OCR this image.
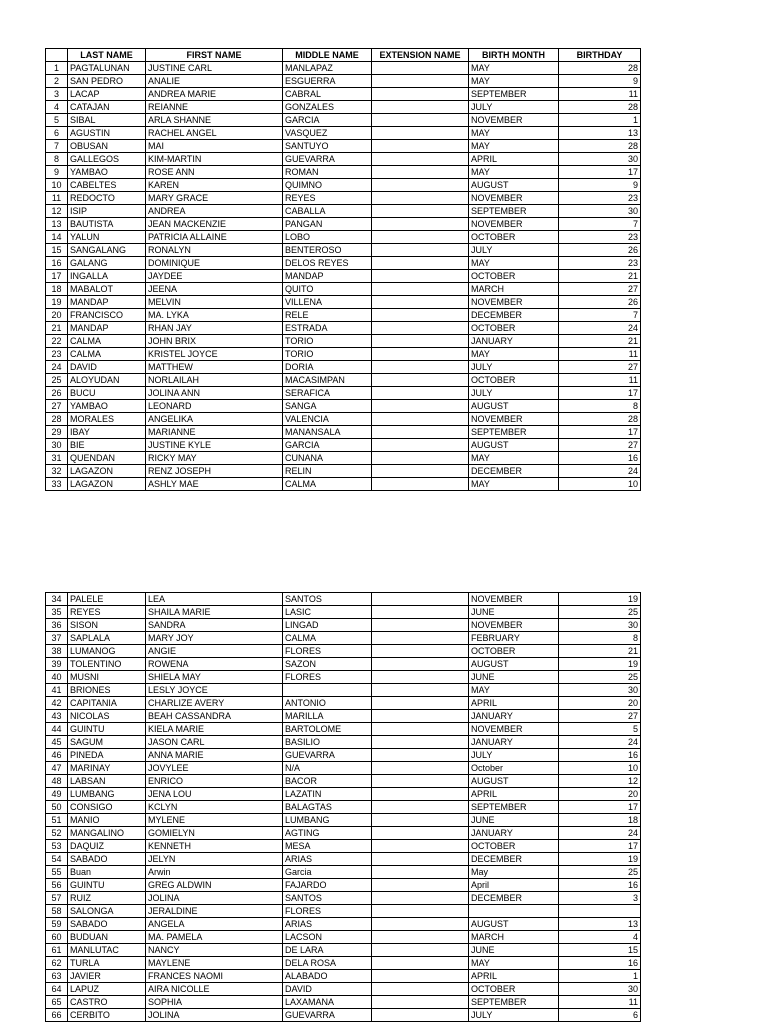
	LAST NAME	FIRST NAME	MIDDLE NAME	EXTENSION NAME	BIRTH MONTH	BIRTHDAY
1	PAGTALUNAN	JUSTINE CARL	MANLAPAZ		MAY	28
2	SAN PEDRO	ANALIE	ESGUERRA		MAY	9
3	LACAP	ANDREA MARIE	CABRAL		SEPTEMBER	11
4	CATAJAN	REIANNE	GONZALES		JULY	28
5	SIBAL	ARLA SHANNE	GARCIA		NOVEMBER	1
6	AGUSTIN	RACHEL ANGEL	VASQUEZ		MAY	13
7	OBUSAN	MAI	SANTUYO		MAY	28
8	GALLEGOS	KIM-MARTIN	GUEVARRA		APRIL	30
9	YAMBAO	ROSE ANN	ROMAN		MAY	17
10	CABELTES	KAREN	QUIMNO		AUGUST	9
11	REDOCTO	MARY GRACE	REYES		NOVEMBER	23
12	ISIP	ANDREA	CABALLA		SEPTEMBER	30
13	BAUTISTA	JEAN MACKENZIE	PANGAN		NOVEMBER	7
14	YALUN	PATRICIA ALLAINE	LOBO		OCTOBER	23
15	SANGALANG	RONALYN	BENTEROSO		JULY	26
16	GALANG	DOMINIQUE	DELOS REYES		MAY	23
17	INGALLA	JAYDEE	MANDAP		OCTOBER	21
18	MABALOT	JEENA	QUITO		MARCH	27
19	MANDAP	MELVIN	VILLENA		NOVEMBER	26
20	FRANCISCO	MA. LYKA	RELE		DECEMBER	7
21	MANDAP	RHAN JAY	ESTRADA		OCTOBER	24
22	CALMA	JOHN BRIX	TORIO		JANUARY	21
23	CALMA	KRISTEL JOYCE	TORIO		MAY	11
24	DAVID	MATTHEW	DORIA		JULY	27
25	ALOYUDAN	NORLAILAH	MACASIMPAN		OCTOBER	11
26	BUCU	JOLINA ANN	SERAFICA		JULY	17
27	YAMBAO	LEONARD	SANGA		AUGUST	8
28	MORALES	ANGELIKA	VALENCIA		NOVEMBER	28
29	IBAY	MARIANNE	MANANSALA		SEPTEMBER	17
30	BIE	JUSTINE KYLE	GARCIA		AUGUST	27
31	QUENDAN	RICKY MAY	CUNANA		MAY	16
32	LAGAZON	RENZ JOSEPH	RELIN		DECEMBER	24
33	LAGAZON	ASHLY MAE	CALMA		MAY	10
34	PALELE	LEA	SANTOS		NOVEMBER	19
35	REYES	SHAILA MARIE	LASIC		JUNE	25
36	SISON	SANDRA	LINGAD		NOVEMBER	30
37	SAPLALA	MARY JOY	CALMA		FEBRUARY	8
38	LUMANOG	ANGIE	FLORES		OCTOBER	21
39	TOLENTINO	ROWENA	SAZON		AUGUST	19
40	MUSNI	SHIELA MAY	FLORES		JUNE	25
41	BRIONES	LESLY JOYCE			MAY	30
42	CAPITANIA	CHARLIZE AVERY	ANTONIO		APRIL	20
43	NICOLAS	BEAH CASSANDRA	MARILLA		JANUARY	27
44	GUINTU	KIELA MARIE	BARTOLOME		NOVEMBER	5
45	SAGUM	JASON CARL	BASILIO		JANUARY	24
46	PINEDA	ANNA MARIE	GUEVARRA		JULY	16
47	MARINAY	JOVYLEE	N/A		October	10
48	LABSAN	ENRICO	BACOR		AUGUST	12
49	LUMBANG	JENA LOU	LAZATIN		APRIL	20
50	CONSIGO	KCLYN	BALAGTAS		SEPTEMBER	17
51	MANIO	MYLENE	LUMBANG		JUNE	18
52	MANGALINO	GOMIELYN	AGTING		JANUARY	24
53	DAQUIZ	KENNETH	MESA		OCTOBER	17
54	SABADO	JELYN	ARIAS		DECEMBER	19
55	Buan	Arwin	Garcia		May	25
56	GUINTU	GREG ALDWIN	FAJARDO		April	16
57	RUIZ	JOLINA	SANTOS		DECEMBER	3
58	SALONGA	JERALDINE	FLORES			
59	SABADO	ANGELA	ARIAS		AUGUST	13
60	BUDUAN	MA. PAMELA	LACSON		MARCH	4
61	MANLUTAC	NANCY	DE LARA		JUNE	15
62	TURLA	MAYLENE	DELA ROSA		MAY	16
63	JAVIER	FRANCES NAOMI	ALABADO		APRIL	1
64	LAPUZ	AIRA NICOLLE	DAVID		OCTOBER	30
65	CASTRO	SOPHIA	LAXAMANA		SEPTEMBER	11
66	CERBITO	JOLINA	GUEVARRA		JULY	6
